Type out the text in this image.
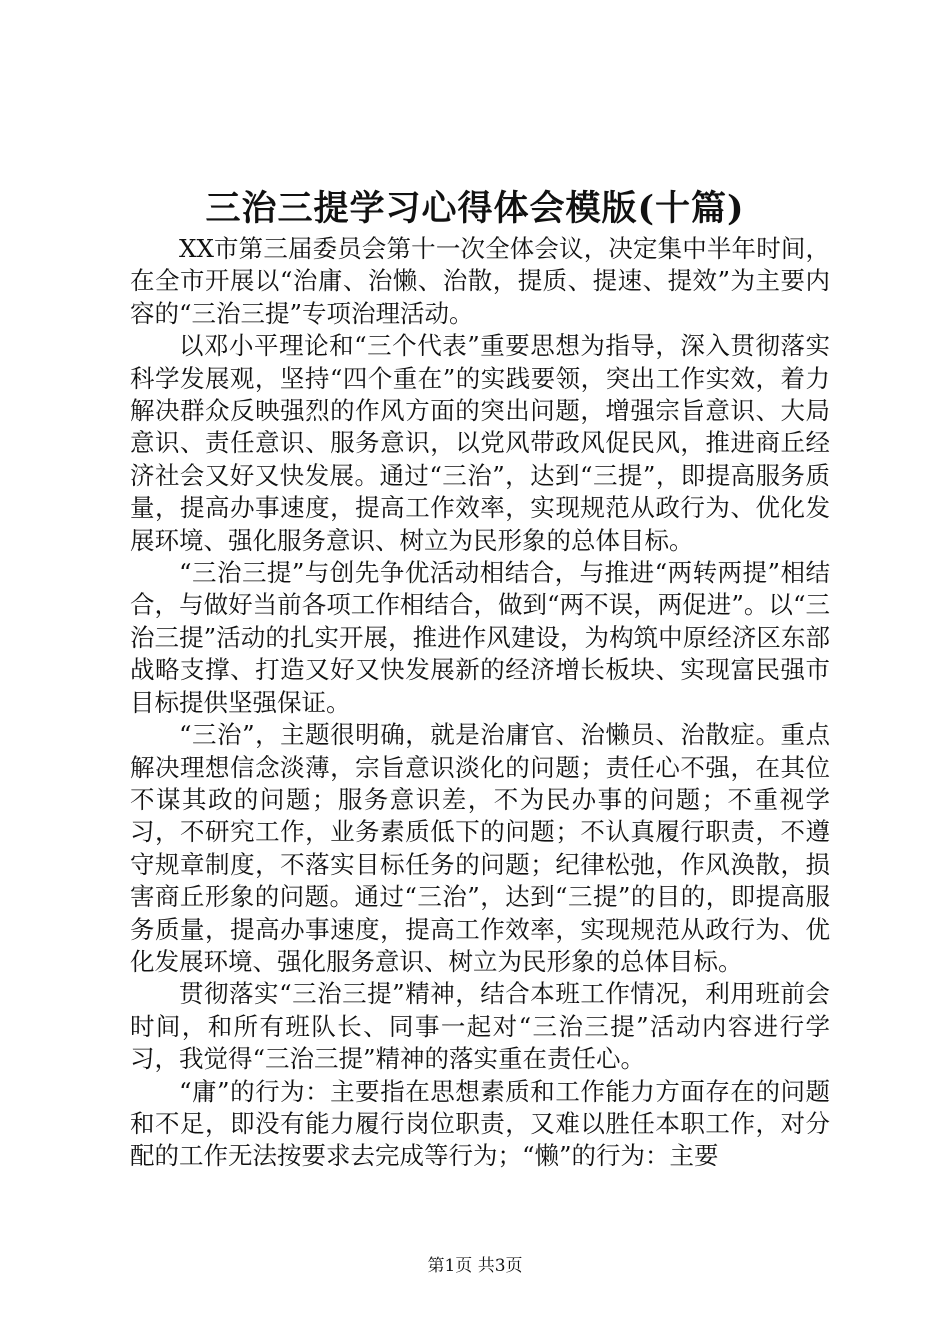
三治三提学习心得体会模版(十篇)

XX市第三届委员会第十一次全体会议，决定集中半年时间，在全市开展以“治庸、治懒、治散，提质、提速、提效”为主要内容的“三治三提”专项治理活动。

以邓小平理论和“三个代表”重要思想为指导，深入贯彻落实科学发展观，坚持“四个重在”的实践要领，突出工作实效，着力解决群众反映强烈的作风方面的突出问题，增强宗旨意识、大局意识、责任意识、服务意识，以党风带政风促民风，推进商丘经济社会又好又快发展。通过“三治”，达到“三提”，即提高服务质量，提高办事速度，提高工作效率，实现规范从政行为、优化发展环境、强化服务意识、树立为民形象的总体目标。

“三治三提”与创先争优活动相结合，与推进“两转两提”相结合，与做好当前各项工作相结合，做到“两不误，两促进”。以“三治三提”活动的扎实开展，推进作风建设，为构筑中原经济区东部战略支撑、打造又好又快发展新的经济增长板块、实现富民强市目标提供坚强保证。

“三治”，主题很明确，就是治庸官、治懒员、治散症。重点解决理想信念淡薄，宗旨意识淡化的问题；责任心不强，在其位不谋其政的问题；服务意识差，不为民办事的问题；不重视学习，不研究工作，业务素质低下的问题；不认真履行职责，不遵守规章制度，不落实目标任务的问题；纪律松弛，作风涣散，损害商丘形象的问题。通过“三治”，达到“三提”的目的，即提高服务质量，提高办事速度，提高工作效率，实现规范从政行为、优化发展环境、强化服务意识、树立为民形象的总体目标。

贯彻落实“三治三提”精神，结合本班工作情况，利用班前会时间，和所有班队长、同事一起对“三治三提”活动内容进行学习，我觉得“三治三提”精神的落实重在责任心。

“庸”的行为：主要指在思想素质和工作能力方面存在的问题和不足，即没有能力履行岗位职责，又难以胜任本职工作，对分配的工作无法按要求去完成等行为；“懒”的行为：主要

第1页 共3页
